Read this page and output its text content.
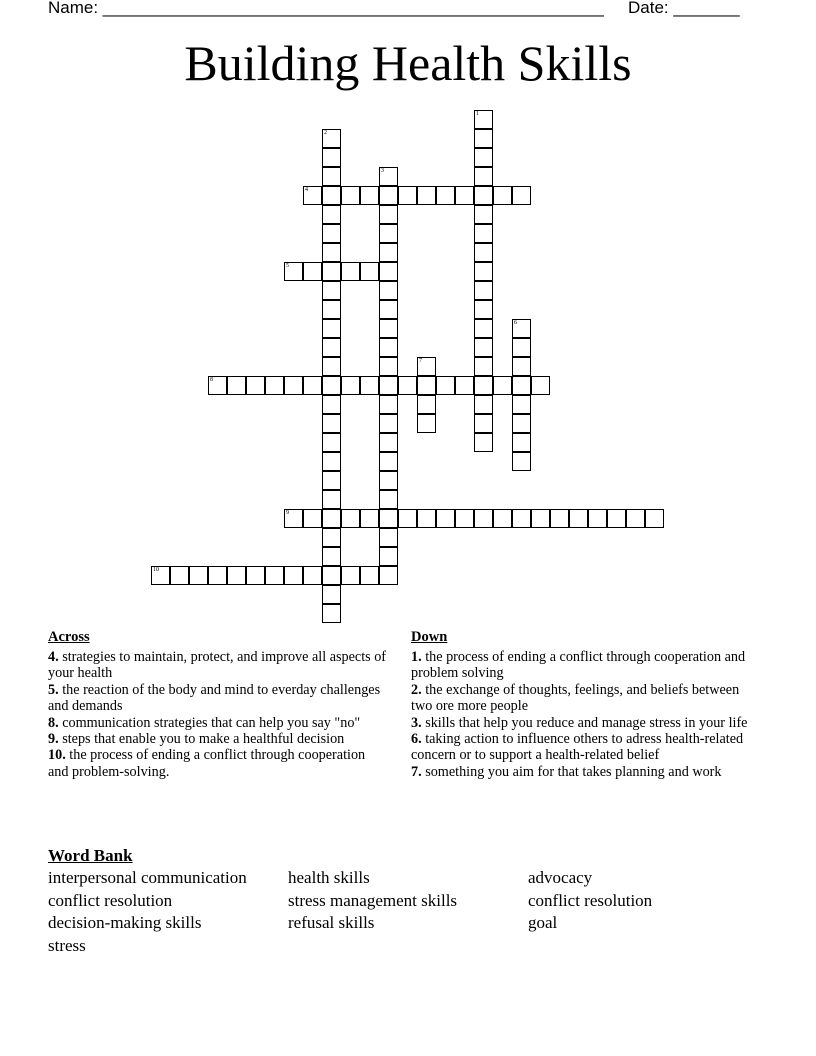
Name: _____________________________________________________ Date: _______
Building Health Skills
1
2
3
4
5
6
7
8
9
10
Across
4. strategies to maintain, protect, and improve all aspects of your health
5. the reaction of the body and mind to everday challenges and demands
8. communication strategies that can help you say "no"
9. steps that enable you to make a healthful decision
10. the process of ending a conflict through cooperation and problem-solving.
Down
1. the process of ending a conflict through cooperation and problem solving
2. the exchange of thoughts, feelings, and beliefs between two ore more people
3. skills that help you reduce and manage stress in your life
6. taking action to influence others to adress health-related concern or to support a health-related belief
7. something you aim for that takes planning and work
Word Bank
interpersonal communication	health skills	advocacy
conflict resolution	stress management skills	conflict resolution
decision-making skills	refusal skills	goal
stress
